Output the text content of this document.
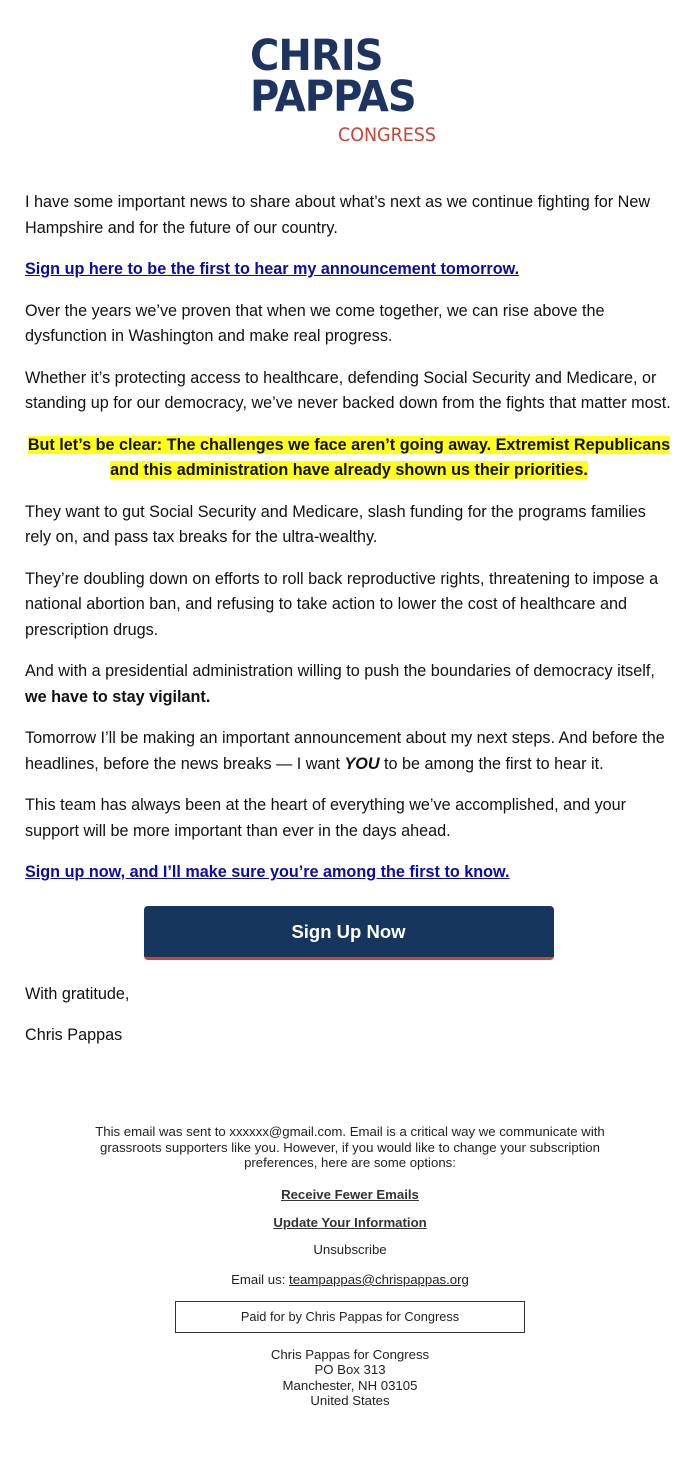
CHRIS
PAPPAS
CONGRESS

I have some important news to share about what’s next as we continue fighting for New Hampshire and for the future of our country.

Sign up here to be the first to hear my announcement tomorrow.

Over the years we’ve proven that when we come together, we can rise above the dysfunction in Washington and make real progress.

Whether it’s protecting access to healthcare, defending Social Security and Medicare, or standing up for our democracy, we’ve never backed down from the fights that matter most.

But let’s be clear: The challenges we face aren’t going away. Extremist Republicans and this administration have already shown us their priorities.

They want to gut Social Security and Medicare, slash funding for the programs families rely on, and pass tax breaks for the ultra-wealthy.

They’re doubling down on efforts to roll back reproductive rights, threatening to impose a national abortion ban, and refusing to take action to lower the cost of healthcare and prescription drugs.

And with a presidential administration willing to push the boundaries of democracy itself, we have to stay vigilant.

Tomorrow I’ll be making an important announcement about my next steps. And before the headlines, before the news breaks — I want YOU to be among the first to hear it.

This team has always been at the heart of everything we’ve accomplished, and your support will be more important than ever in the days ahead.

Sign up now, and I’ll make sure you’re among the first to know.

Sign Up Now

With gratitude,

Chris Pappas

This email was sent to xxxxxx@gmail.com. Email is a critical way we communicate with grassroots supporters like you. However, if you would like to change your subscription preferences, here are some options:
Receive Fewer Emails
Update Your Information
Unsubscribe
Email us: teampappas@chrispappas.org
Paid for by Chris Pappas for Congress
Chris Pappas for Congress
PO Box 313
Manchester, NH 03105
United States
